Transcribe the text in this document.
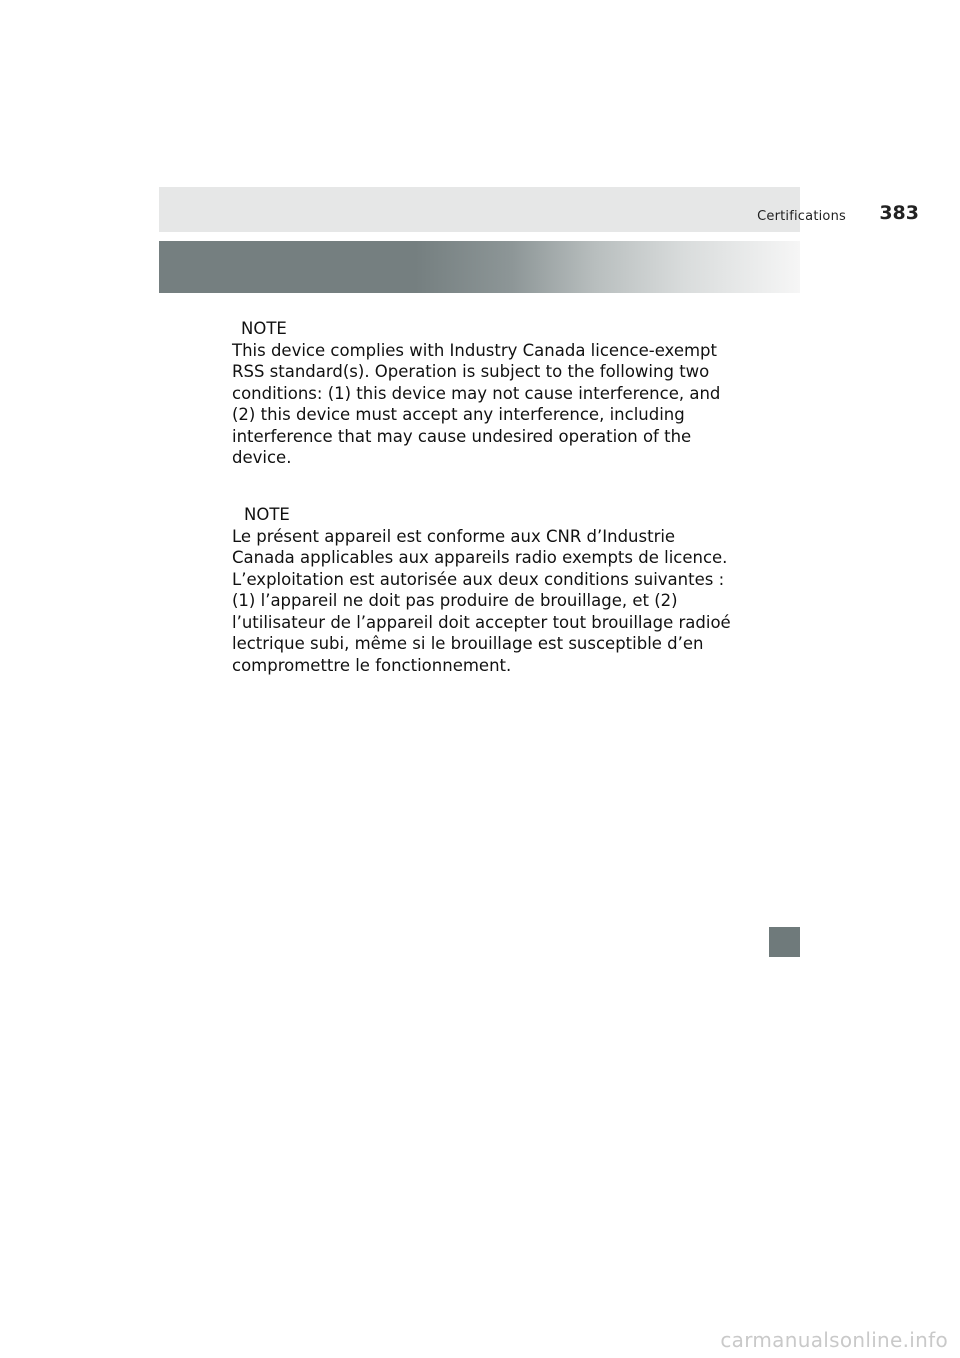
Certifications 383
NOTE
This device complies with Industry Canada licence-exempt
RSS standard(s). Operation is subject to the following two
conditions: (1) this device may not cause interference, and
(2) this device must accept any interference, including
interference that may cause undesired operation of the
device.
NOTE
Le présent appareil est conforme aux CNR d’Industrie
Canada applicables aux appareils radio exempts de licence.
L’exploitation est autorisée aux deux conditions suivantes :
(1) l’appareil ne doit pas produire de brouillage, et (2)
l’utilisateur de l’appareil doit accepter tout brouillage radioé
lectrique subi, même si le brouillage est susceptible d’en
compromettre le fonctionnement.
carmanualsonline.info
